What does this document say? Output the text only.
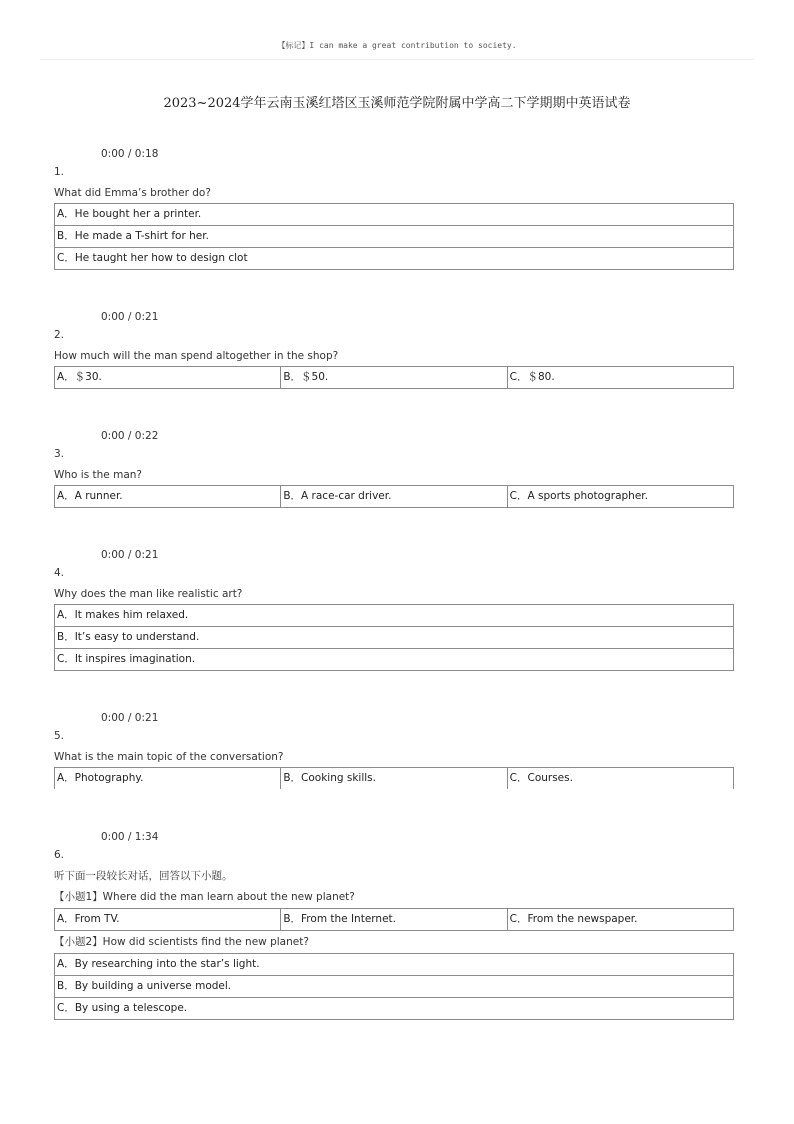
【标记】I can make a great contribution to society.
2023~2024学年云南玉溪红塔区玉溪师范学院附属中学高二下学期期中英语试卷
0:00 / 0:18
1.
What did Emma’s brother do?
A．He bought her a printer.
B．He made a T-shirt for her.
C．He taught her how to design clot
0:00 / 0:21
2.
How much will the man spend altogether in the shop?
A．＄30.	B．＄50.	C．＄80.
0:00 / 0:22
3.
Who is the man?
A．A runner.	B．A race-car driver.	C．A sports photographer.
0:00 / 0:21
4.
Why does the man like realistic art?
A．It makes him relaxed.
B．It’s easy to understand.
C．It inspires imagination.
0:00 / 0:21
5.
What is the main topic of the conversation?
A．Photography.	B．Cooking skills.	C．Courses.
0:00 / 1:34
6.
听下面一段较长对话，回答以下小题。
【小题1】Where did the man learn about the new planet?
A．From TV.	B．From the Internet.	C．From the newspaper.
【小题2】How did scientists find the new planet?
A．By researching into the star’s light.
B．By building a universe model.
C．By using a telescope.
